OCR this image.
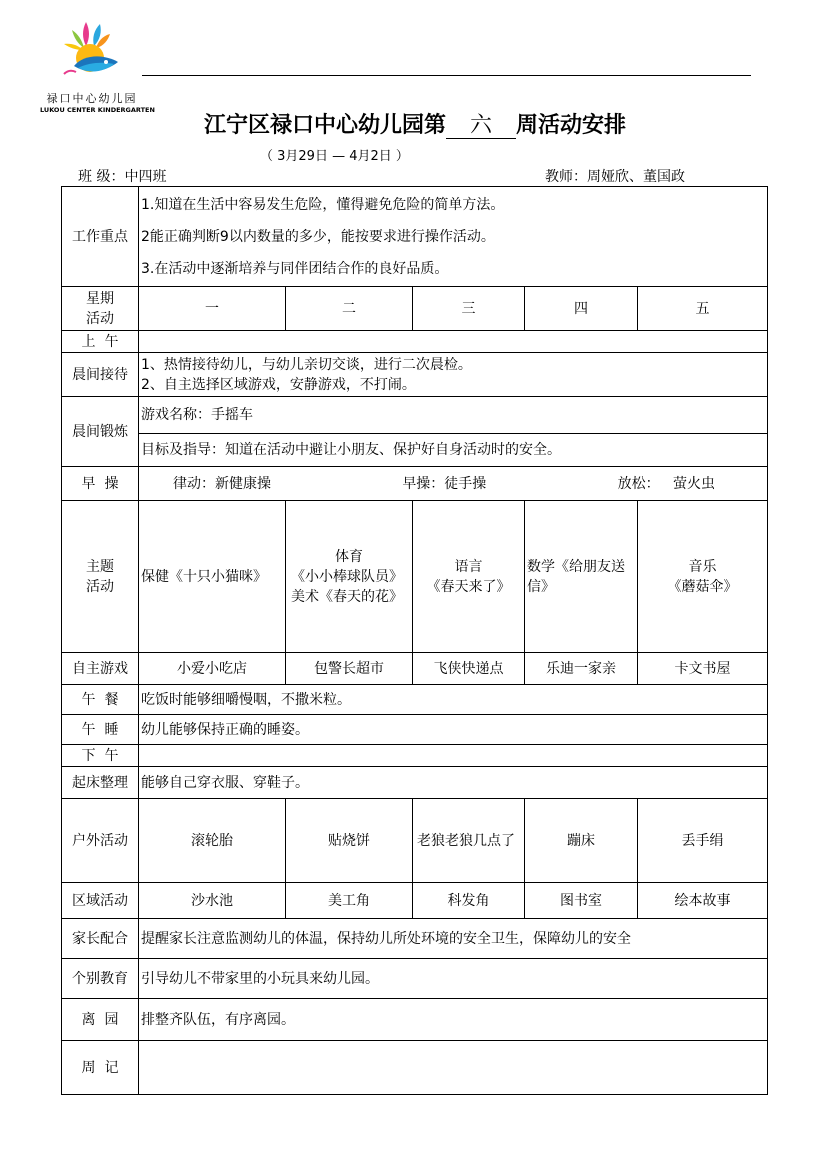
禄口中心幼儿园
LUKOU CENTER KINDERGARTEN
江宁区禄口中心幼儿园第 六 周活动安排
（ 3月29日 — 4月2日 ）
班 级：中四班	教师：周娅欣、董国政
工作重点	1.知道在生活中容易发生危险，懂得避免危险的简单方法。
2能正确判断9以内数量的多少，能按要求进行操作活动。
3.在活动中逐渐培养与同伴团结合作的良好品质。				

星期
活动	一	二	三	四	五
上  午					
晨间接待	1、热情接待幼儿，与幼儿亲切交谈，进行二次晨检。
2、自主选择区域游戏，安静游戏，不打闹。				

晨间锻炼	游戏名称：手摇车
目标及指导：知道在活动中避让小朋友、保护好自身活动时的安全。				

早  操	律动：新健康操 早操：徒手操 放松： 萤火虫				

主题
活动	保健《十只小猫咪》	体育
《小小棒球队员》
美术《春天的花》	语言
《春天来了》	数学《给朋友送信》	音乐
《蘑菇伞》

自主游戏	小爱小吃店	包警长超市	飞侠快递点	乐迪一家亲	卡文书屋
午  餐	吃饭时能够细嚼慢咽，不撒米粒。				
午  睡	幼儿能够保持正确的睡姿。				
下  午					
起床整理	能够自己穿衣服、穿鞋子。				
户外活动	滚轮胎	贴烧饼	老狼老狼几点了	蹦床	丢手绢
区域活动	沙水池	美工角	科发角	图书室	绘本故事
家长配合	提醒家长注意监测幼儿的体温，保持幼儿所处环境的安全卫生，保障幼儿的安全				
个别教育	引导幼儿不带家里的小玩具来幼儿园。				
离  园	排整齐队伍，有序离园。				
周  记					
